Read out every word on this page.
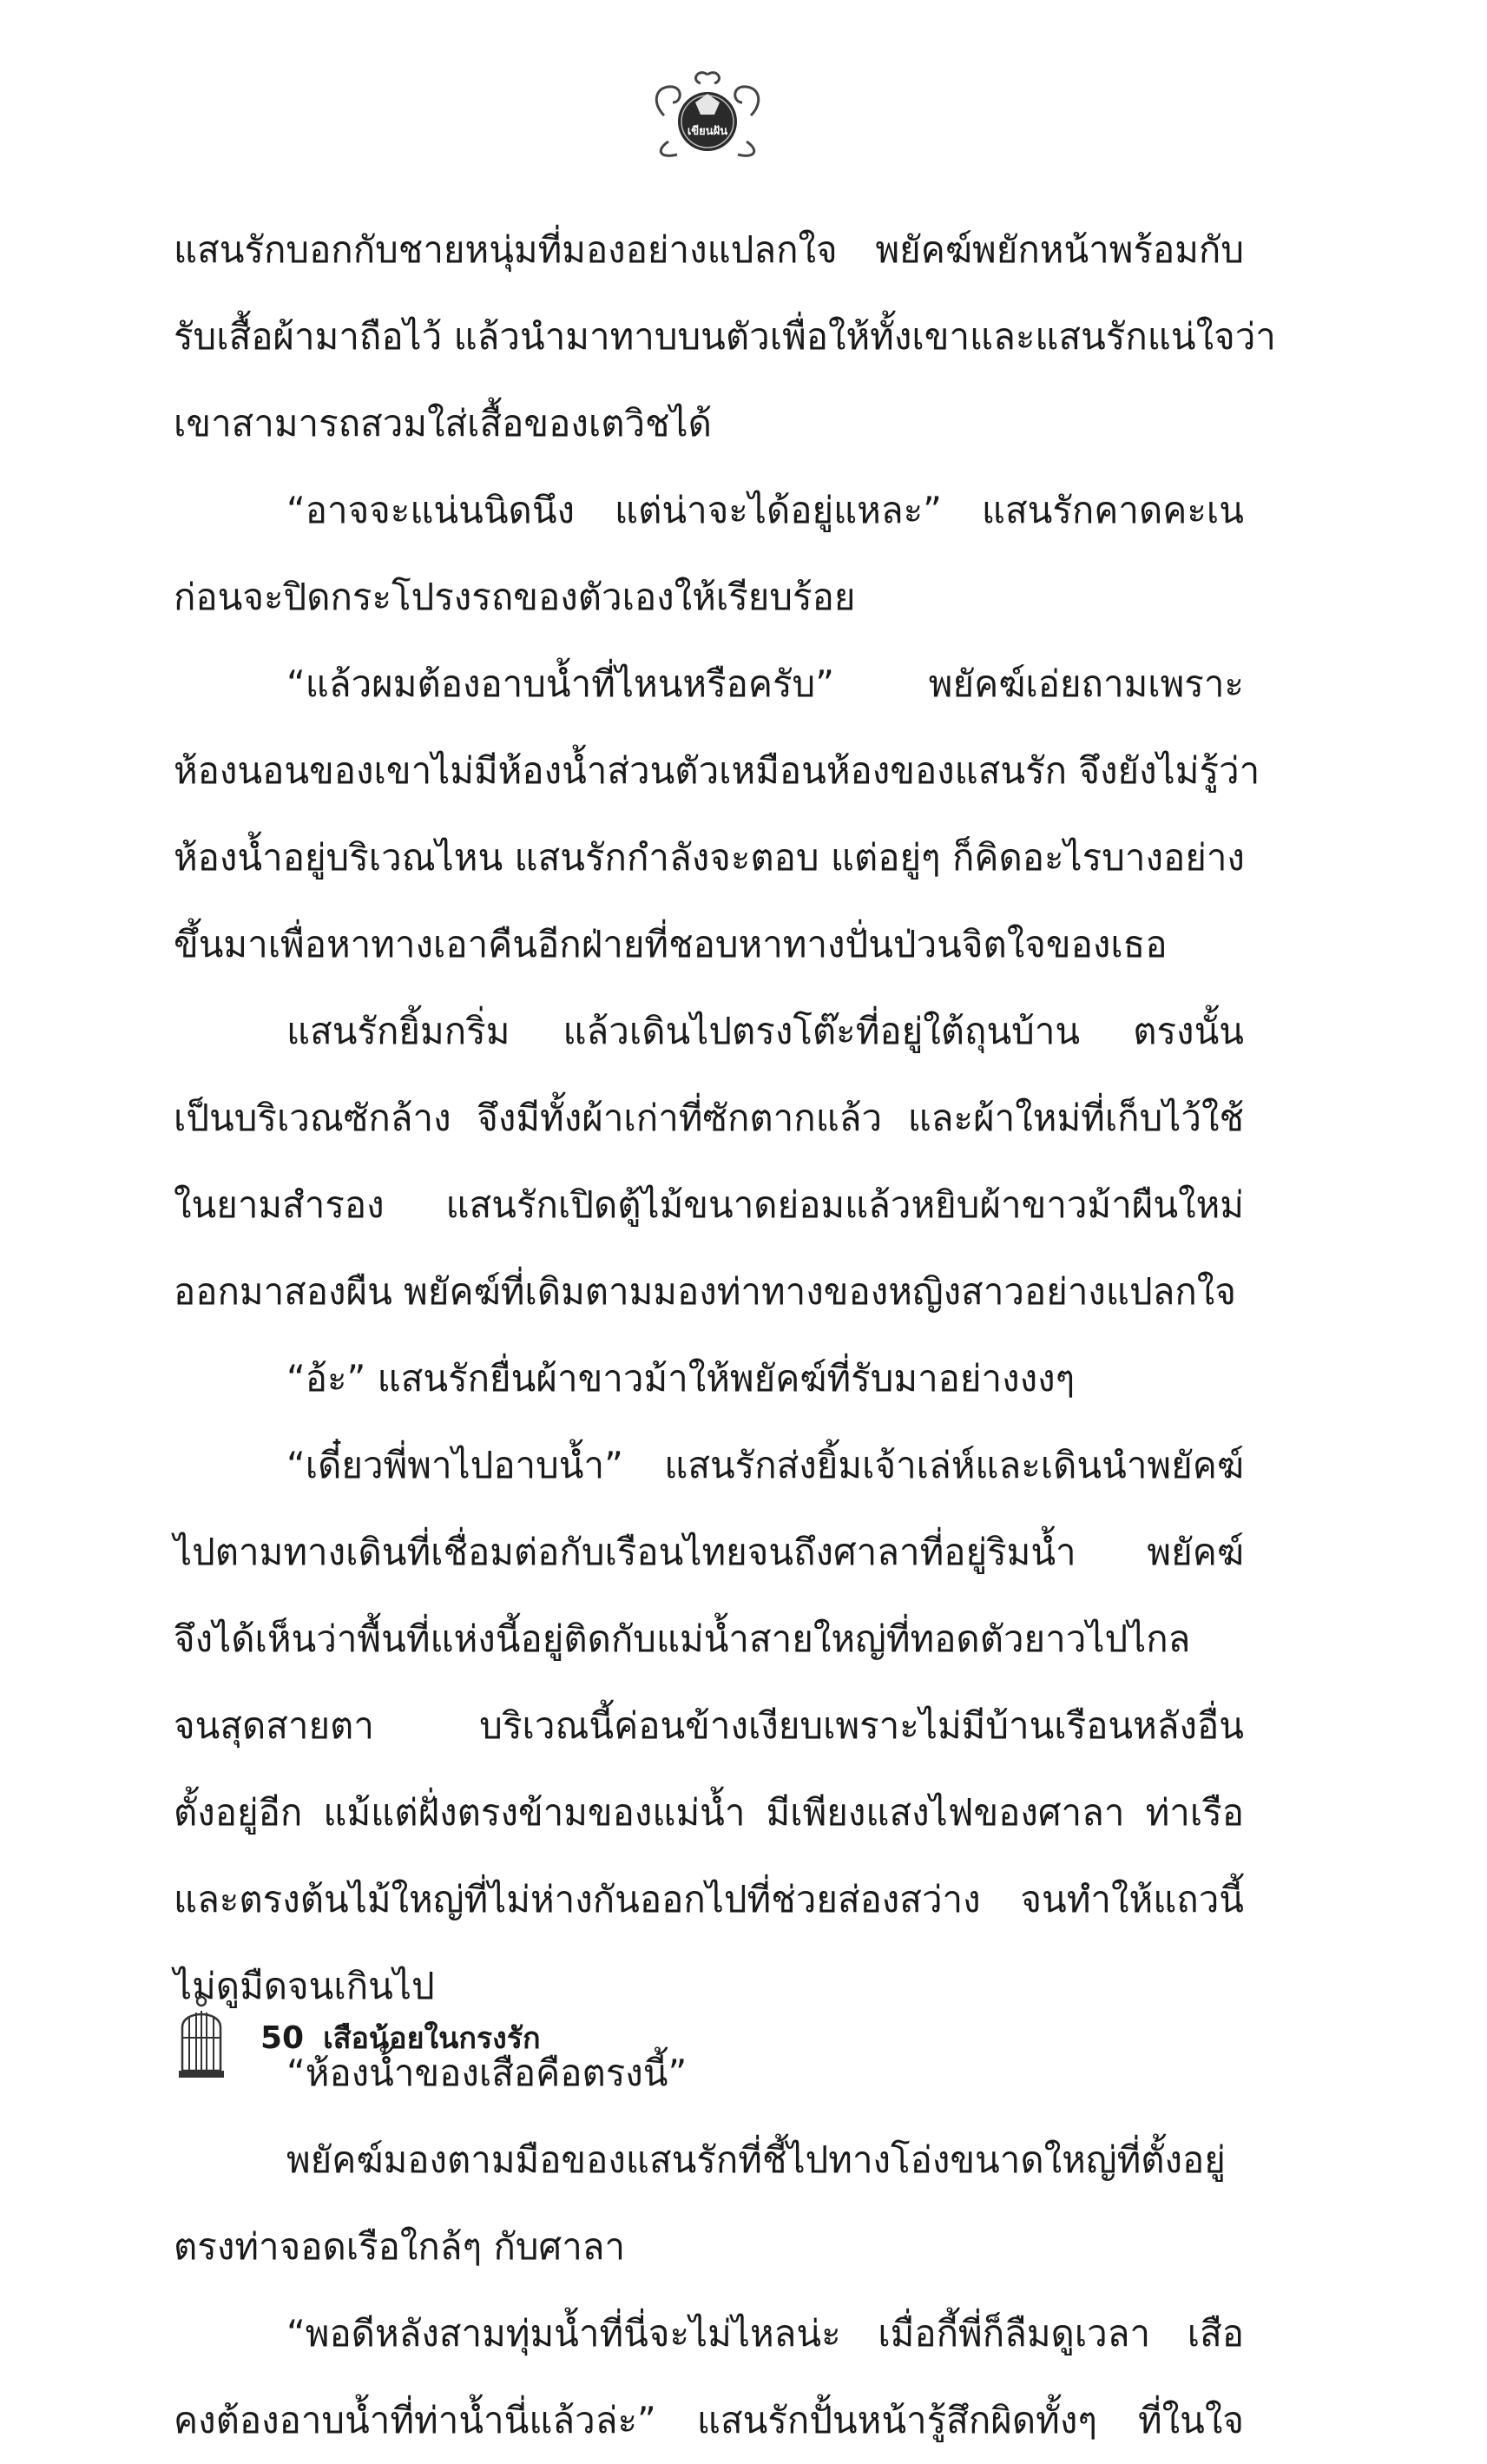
เขียนฝัน
แสนรักบอกกับชายหนุ่มที่มองอย่างแปลกใจ พยัคฆ์พยักหน้าพร้อมกับ
รับเสื้อผ้ามาถือไว้ แล้วนำมาทาบบนตัวเพื่อให้ทั้งเขาและแสนรักแน่ใจว่า
เขาสามารถสวมใส่เสื้อของเตวิชได้
“อาจจะแน่นนิดนึง แต่น่าจะได้อยู่แหละ” แสนรักคาดคะเน
ก่อนจะปิดกระโปรงรถของตัวเองให้เรียบร้อย
“แล้วผมต้องอาบน้ำที่ไหนหรือครับ” พยัคฆ์เอ่ยถามเพราะ
ห้องนอนของเขาไม่มีห้องน้ำส่วนตัวเหมือนห้องของแสนรัก จึงยังไม่รู้ว่า
ห้องน้ำอยู่บริเวณไหน แสนรักกำลังจะตอบ แต่อยู่ๆ ก็คิดอะไรบางอย่าง
ขึ้นมาเพื่อหาทางเอาคืนอีกฝ่ายที่ชอบหาทางปั่นป่วนจิตใจของเธอ
แสนรักยิ้มกริ่ม แล้วเดินไปตรงโต๊ะที่อยู่ใต้ถุนบ้าน ตรงนั้น
เป็นบริเวณซักล้าง จึงมีทั้งผ้าเก่าที่ซักตากแล้ว และผ้าใหม่ที่เก็บไว้ใช้
ในยามสำรอง แสนรักเปิดตู้ไม้ขนาดย่อมแล้วหยิบผ้าขาวม้าผืนใหม่
ออกมาสองผืน พยัคฆ์ที่เดิมตามมองท่าทางของหญิงสาวอย่างแปลกใจ
“อ้ะ” แสนรักยื่นผ้าขาวม้าให้พยัคฆ์ที่รับมาอย่างงงๆ
“เดี๋ยวพี่พาไปอาบน้ำ” แสนรักส่งยิ้มเจ้าเล่ห์และเดินนำพยัคฆ์
ไปตามทางเดินที่เชื่อมต่อกับเรือนไทยจนถึงศาลาที่อยู่ริมน้ำ พยัคฆ์
จึงได้เห็นว่าพื้นที่แห่งนี้อยู่ติดกับแม่น้ำสายใหญ่ที่ทอดตัวยาวไปไกล
จนสุดสายตา บริเวณนี้ค่อนข้างเงียบเพราะไม่มีบ้านเรือนหลังอื่น
ตั้งอยู่อีก แม้แต่ฝั่งตรงข้ามของแม่น้ำ มีเพียงแสงไฟของศาลา ท่าเรือ
และตรงต้นไม้ใหญ่ที่ไม่ห่างกันออกไปที่ช่วยส่องสว่าง จนทำให้แถวนี้
ไม่ดูมืดจนเกินไป
“ห้องน้ำของเสือคือตรงนี้”
พยัคฆ์มองตามมือของแสนรักที่ชี้ไปทางโอ่งขนาดใหญ่ที่ตั้งอยู่
ตรงท่าจอดเรือใกล้ๆ กับศาลา
“พอดีหลังสามทุ่มน้ำที่นี่จะไม่ไหลน่ะ เมื่อกี้พี่ก็ลืมดูเวลา เสือ
คงต้องอาบน้ำที่ท่าน้ำนี่แล้วล่ะ” แสนรักปั้นหน้ารู้สึกผิดทั้งๆ ที่ในใจ
50 เสือน้อยในกรงรัก
